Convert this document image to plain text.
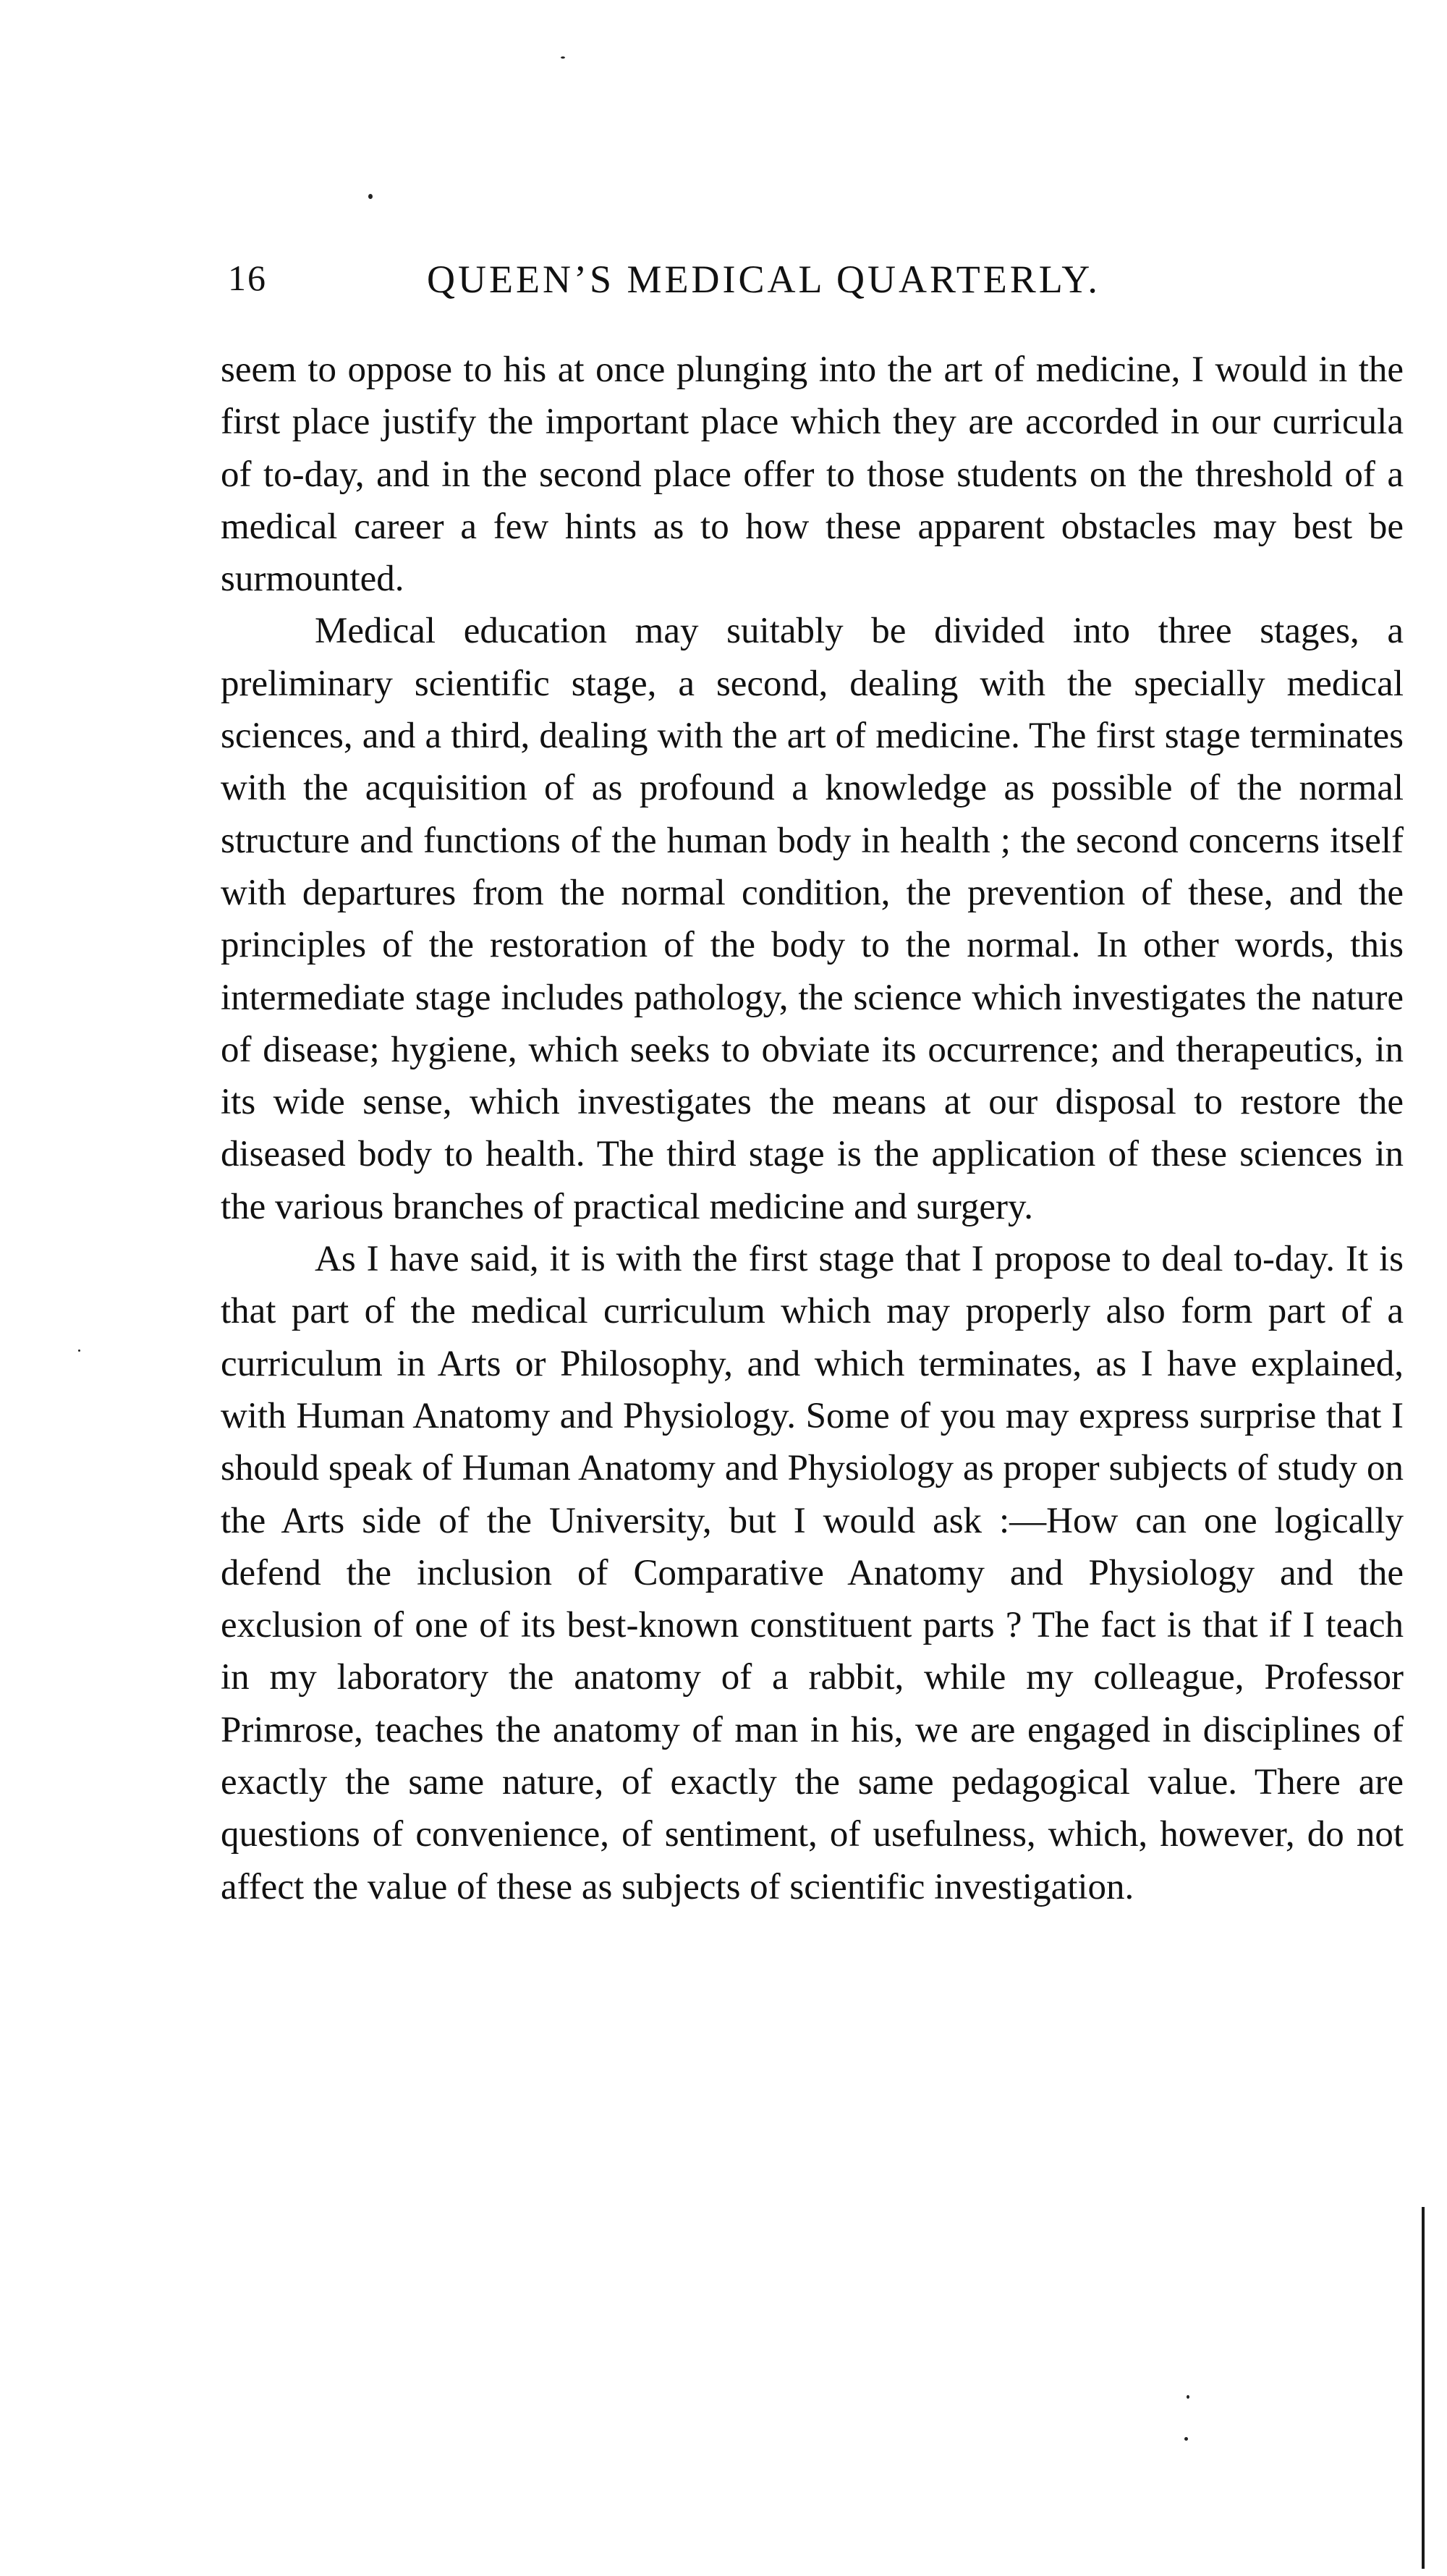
16	QUEEN’S MEDICAL QUARTERLY.

seem to oppose to his at once plunging into the art of medicine, I would in the first place justify the important place which they are accorded in our curricula of to-day, and in the second place offer to those students on the threshold of a medical career a few hints as to how these apparent obstacles may best be surmounted.

Medical education may suitably be divided into three stages, a preliminary scientific stage, a second, dealing with the specially medical sciences, and a third, dealing with the art of medicine. The first stage terminates with the acquisition of as profound a knowledge as possible of the normal structure and functions of the human body in health ; the second concerns itself with departures from the normal condition, the prevention of these, and the principles of the restoration of the body to the normal. In other words, this intermediate stage includes pathology, the science which investigates the nature of disease; hygiene, which seeks to obviate its occurrence; and therapeutics, in its wide sense, which investigates the means at our disposal to restore the diseased body to health. The third stage is the application of these sciences in the various branches of practical medicine and surgery.

As I have said, it is with the first stage that I propose to deal to-day. It is that part of the medical curriculum which may properly also form part of a curriculum in Arts or Philosophy, and which terminates, as I have explained, with Human Anatomy and Physiology. Some of you may express surprise that I should speak of Human Anatomy and Physiology as proper subjects of study on the Arts side of the University, but I would ask :—How can one logically defend the inclusion of Comparative Anatomy and Physiology and the exclusion of one of its best-known constituent parts ? The fact is that if I teach in my laboratory the anatomy of a rabbit, while my colleague, Professor Primrose, teaches the anatomy of man in his, we are engaged in disciplines of exactly the same nature, of exactly the same pedagogical value. There are questions of convenience, of sentiment, of usefulness, which, however, do not affect the value of these as subjects of scientific investigation.
